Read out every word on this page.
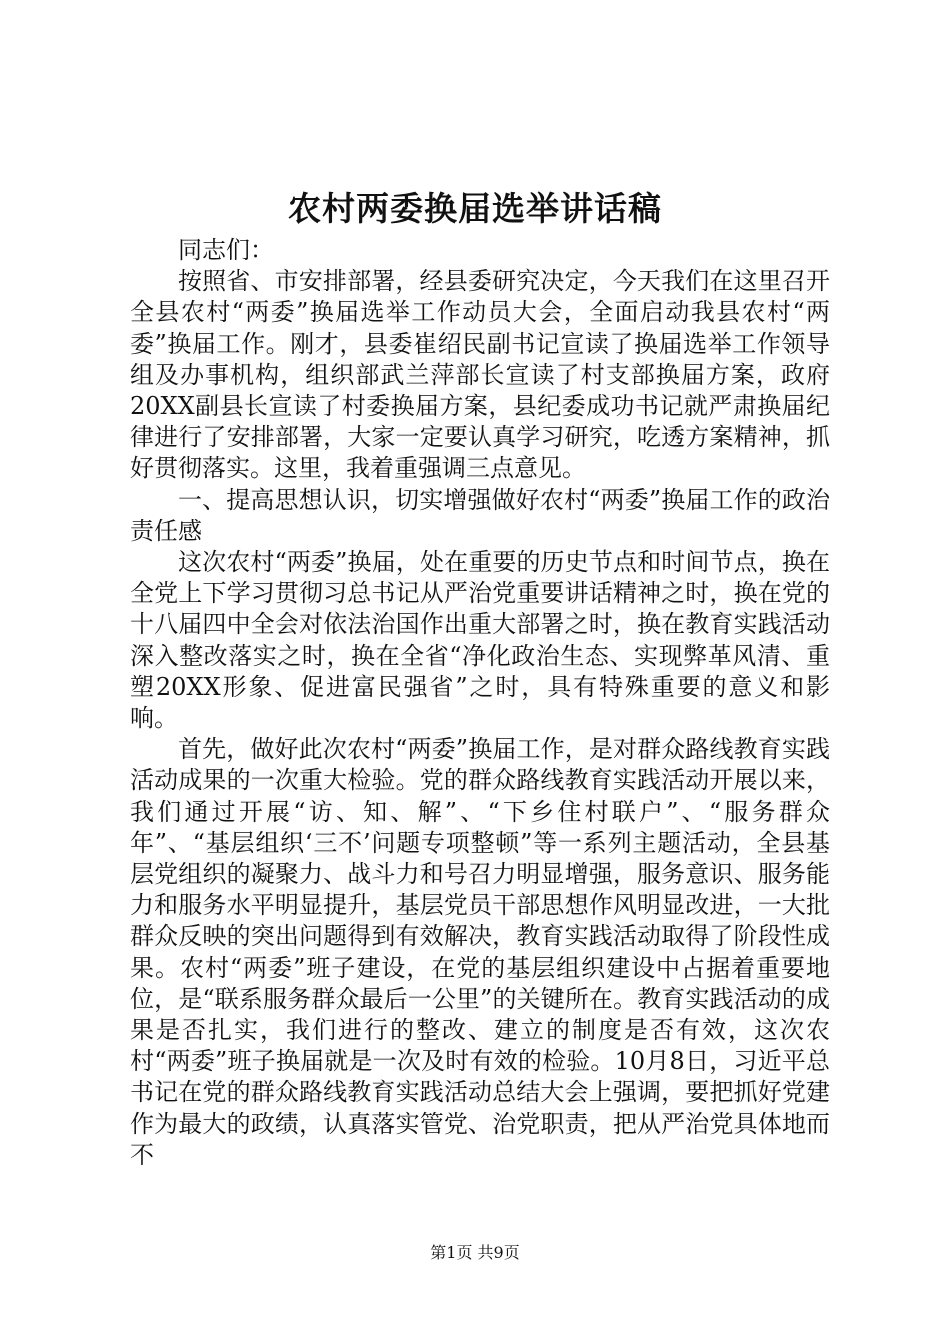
农村两委换届选举讲话稿

同志们：

按照省、市安排部署，经县委研究决定，今天我们在这里召开全县农村“两委”换届选举工作动员大会，全面启动我县农村“两委”换届工作。刚才，县委崔绍民副书记宣读了换届选举工作领导组及办事机构，组织部武兰萍部长宣读了村支部换届方案，政府20XX副县长宣读了村委换届方案，县纪委成功书记就严肃换届纪律进行了安排部署，大家一定要认真学习研究，吃透方案精神，抓好贯彻落实。这里，我着重强调三点意见。

一、提高思想认识，切实增强做好农村“两委”换届工作的政治责任感

这次农村“两委”换届，处在重要的历史节点和时间节点，换在全党上下学习贯彻习总书记从严治党重要讲话精神之时，换在党的十八届四中全会对依法治国作出重大部署之时，换在教育实践活动深入整改落实之时，换在全省“净化政治生态、实现弊革风清、重塑20XX形象、促进富民强省”之时，具有特殊重要的意义和影响。

首先，做好此次农村“两委”换届工作，是对群众路线教育实践活动成果的一次重大检验。党的群众路线教育实践活动开展以来，我们通过开展“访、知、解”、“下乡住村联户”、“服务群众年”、“基层组织‘三不’问题专项整顿”等一系列主题活动，全县基层党组织的凝聚力、战斗力和号召力明显增强，服务意识、服务能力和服务水平明显提升，基层党员干部思想作风明显改进，一大批群众反映的突出问题得到有效解决，教育实践活动取得了阶段性成果。农村“两委”班子建设，在党的基层组织建设中占据着重要地位，是“联系服务群众最后一公里”的关键所在。教育实践活动的成果是否扎实，我们进行的整改、建立的制度是否有效，这次农村“两委”班子换届就是一次及时有效的检验。10月8日，习近平总书记在党的群众路线教育实践活动总结大会上强调，要把抓好党建作为最大的政绩，认真落实管党、治党职责，把从严治党具体地而不

第1页 共9页
